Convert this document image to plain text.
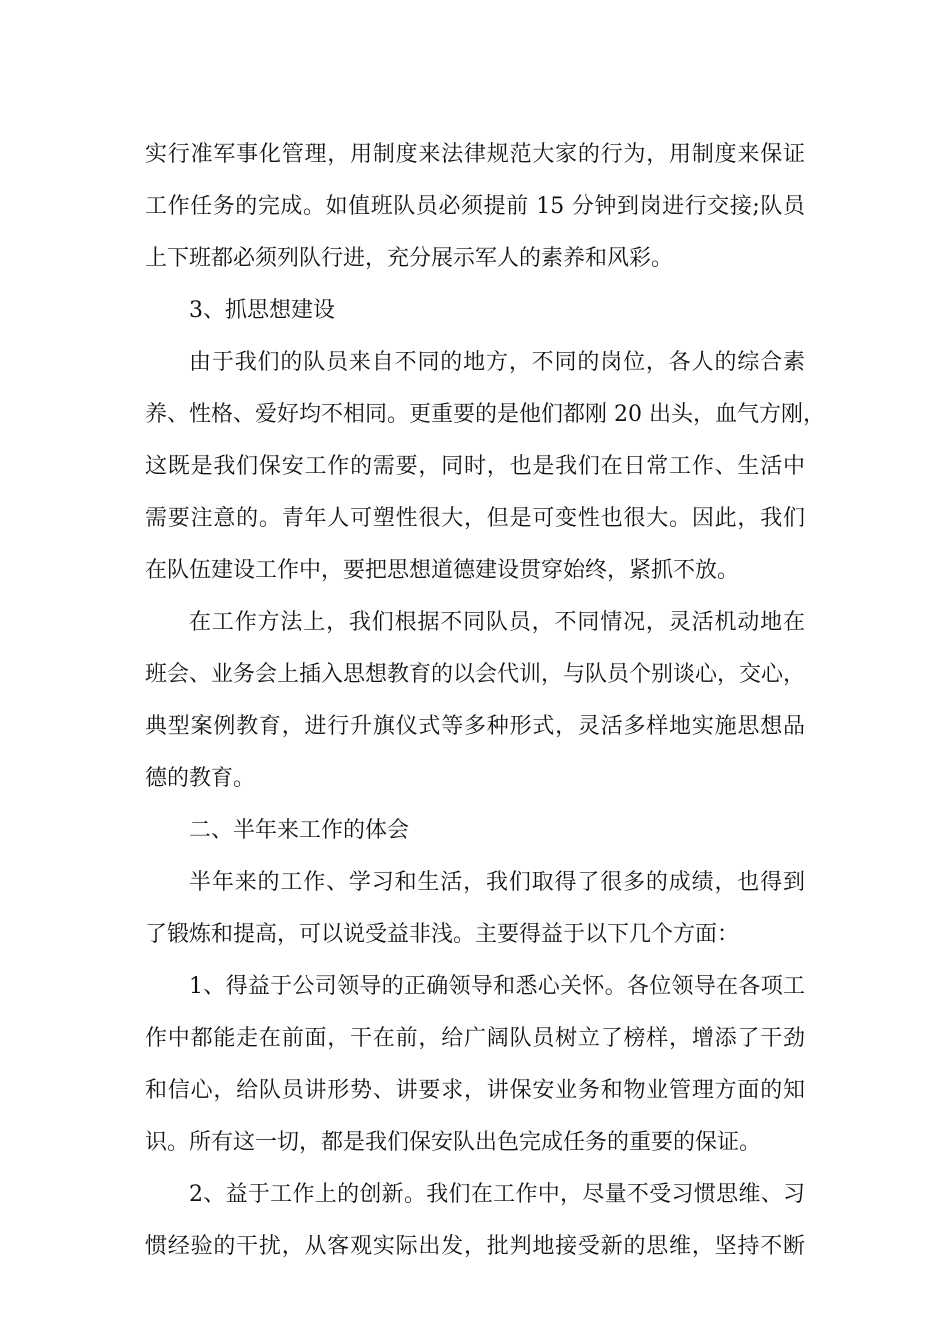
实行准军事化管理，用制度来法律规范大家的行为，用制度来保证
工作任务的完成。如值班队员必须提前 15 分钟到岗进行交接;队员
上下班都必须列队行进，充分展示军人的素养和风彩。
3、抓思想建设
由于我们的队员来自不同的地方，不同的岗位，各人的综合素
养、性格、爱好均不相同。更重要的是他们都刚 20 出头，血气方刚，
这既是我们保安工作的需要，同时，也是我们在日常工作、生活中
需要注意的。青年人可塑性很大，但是可变性也很大。因此，我们
在队伍建设工作中，要把思想道德建设贯穿始终，紧抓不放。
在工作方法上，我们根据不同队员，不同情况，灵活机动地在
班会、业务会上插入思想教育的以会代训，与队员个别谈心，交心，
典型案例教育，进行升旗仪式等多种形式，灵活多样地实施思想品
德的教育。
二、半年来工作的体会
半年来的工作、学习和生活，我们取得了很多的成绩，也得到
了锻炼和提高，可以说受益非浅。主要得益于以下几个方面：
1、得益于公司领导的正确领导和悉心关怀。各位领导在各项工
作中都能走在前面，干在前，给广阔队员树立了榜样，增添了干劲
和信心，给队员讲形势、讲要求，讲保安业务和物业管理方面的知
识。所有这一切，都是我们保安队出色完成任务的重要的保证。
2、益于工作上的创新。我们在工作中，尽量不受习惯思维、习
惯经验的干扰，从客观实际出发，批判地接受新的思维，坚持不断
